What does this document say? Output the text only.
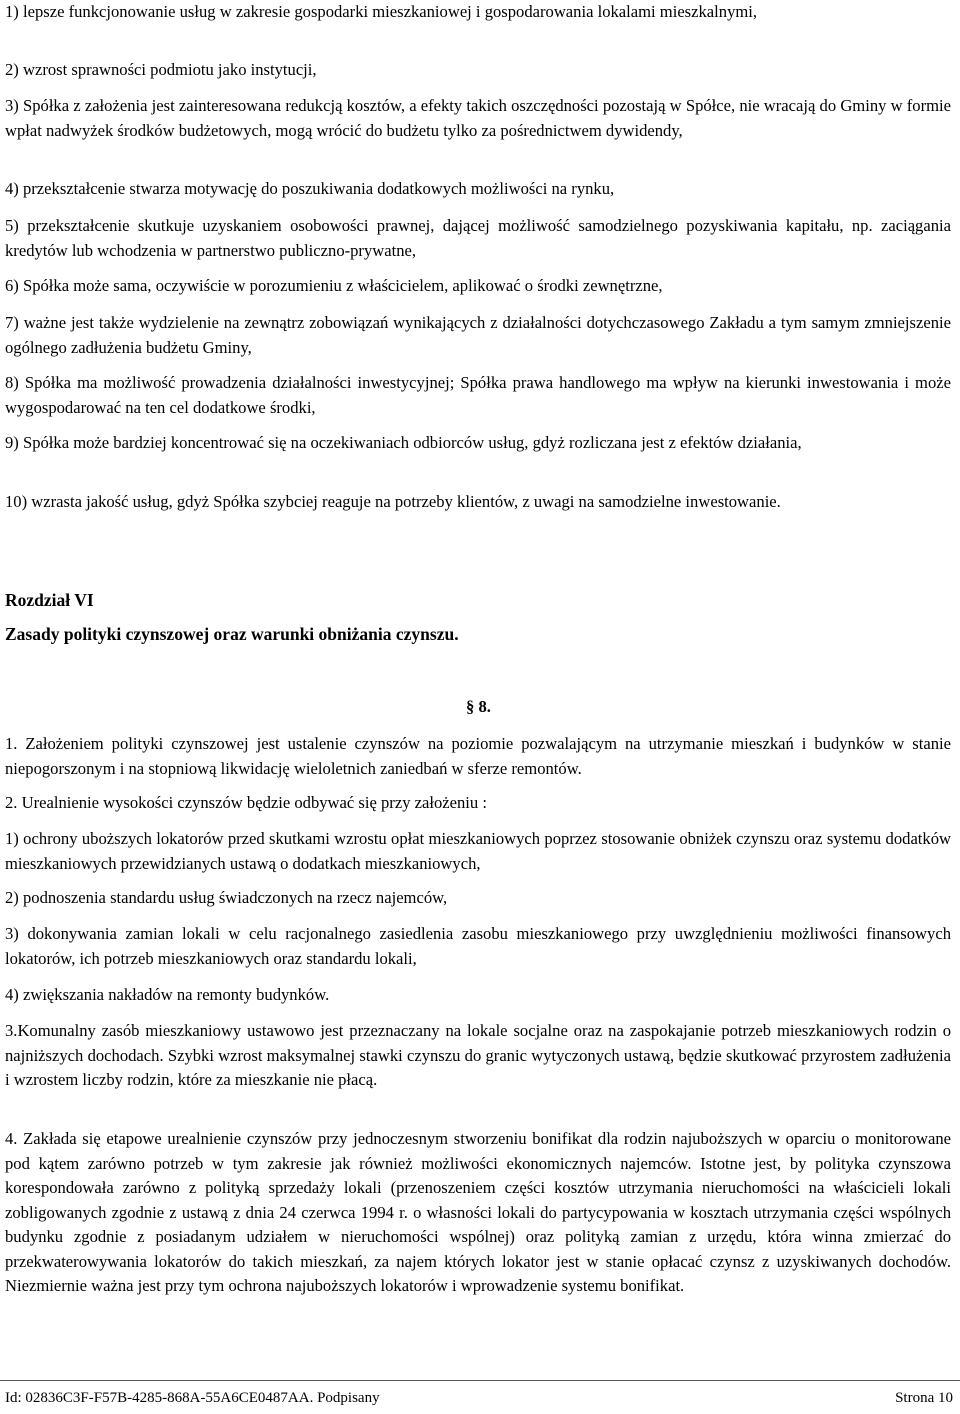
1) lepsze funkcjonowanie usług w zakresie gospodarki mieszkaniowej i gospodarowania lokalami mieszkalnymi,
2) wzrost sprawności podmiotu jako instytucji,
3) Spółka z założenia jest zainteresowana redukcją kosztów, a efekty takich oszczędności pozostają w Spółce, nie wracają do Gminy w formie wpłat nadwyżek środków budżetowych, mogą wrócić do budżetu tylko za pośrednictwem dywidendy,
4) przekształcenie stwarza motywację do poszukiwania dodatkowych możliwości na rynku,
5) przekształcenie skutkuje uzyskaniem osobowości prawnej, dającej możliwość samodzielnego pozyskiwania kapitału, np. zaciągania kredytów lub wchodzenia w partnerstwo publiczno-prywatne,
6) Spółka może sama, oczywiście w porozumieniu z właścicielem, aplikować o środki zewnętrzne,
7) ważne jest także wydzielenie na zewnątrz zobowiązań wynikających z działalności dotychczasowego Zakładu a tym samym zmniejszenie ogólnego zadłużenia budżetu Gminy,
8) Spółka ma możliwość prowadzenia działalności inwestycyjnej; Spółka prawa handlowego ma wpływ na kierunki inwestowania i może wygospodarować na ten cel dodatkowe środki,
9) Spółka może bardziej koncentrować się na oczekiwaniach odbiorców usług, gdyż rozliczana jest z efektów działania,
10) wzrasta jakość usług, gdyż Spółka szybciej reaguje na potrzeby klientów, z uwagi na samodzielne inwestowanie.
Rozdział VI
Zasady polityki czynszowej oraz warunki obniżania czynszu.
§ 8.
1. Założeniem polityki czynszowej jest ustalenie czynszów na poziomie pozwalającym na utrzymanie mieszkań i budynków w stanie niepogorszonym i na stopniową likwidację wieloletnich zaniedbań w sferze remontów.
2. Urealnienie wysokości czynszów będzie odbywać się przy założeniu :
1) ochrony uboższych lokatorów przed skutkami wzrostu opłat mieszkaniowych poprzez stosowanie obniżek czynszu oraz systemu dodatków mieszkaniowych przewidzianych ustawą o dodatkach mieszkaniowych,
2) podnoszenia standardu usług świadczonych na rzecz najemców,
3) dokonywania zamian lokali w celu racjonalnego zasiedlenia zasobu mieszkaniowego przy uwzględnieniu możliwości finansowych lokatorów, ich potrzeb mieszkaniowych oraz standardu lokali,
4) zwiększania nakładów na remonty budynków.
3.Komunalny zasób mieszkaniowy ustawowo jest przeznaczany na lokale socjalne oraz na zaspokajanie potrzeb mieszkaniowych rodzin o najniższych dochodach. Szybki wzrost maksymalnej stawki czynszu do granic wytyczonych ustawą, będzie skutkować przyrostem zadłużenia i wzrostem liczby rodzin, które za mieszkanie nie płacą.
4. Zakłada się etapowe urealnienie czynszów przy jednoczesnym stworzeniu bonifikat dla rodzin najuboższych w oparciu o monitorowane pod kątem zarówno potrzeb w tym zakresie jak również możliwości ekonomicznych najemców. Istotne jest, by polityka czynszowa korespondowała zarówno z polityką sprzedaży lokali (przenoszeniem części kosztów utrzymania nieruchomości na właścicieli lokali zobligowanych zgodnie z ustawą z dnia 24 czerwca 1994 r. o własności lokali do partycypowania w kosztach utrzymania części wspólnych budynku zgodnie z posiadanym udziałem w nieruchomości wspólnej) oraz polityką zamian z urzędu, która winna zmierzać do przekwaterowywania lokatorów do takich mieszkań, za najem których lokator jest w stanie opłacać czynsz z uzyskiwanych dochodów. Niezmiernie ważna jest przy tym ochrona najuboższych lokatorów i wprowadzenie systemu bonifikat.
Id: 02836C3F-F57B-4285-868A-55A6CE0487AA. Podpisany	Strona 10
